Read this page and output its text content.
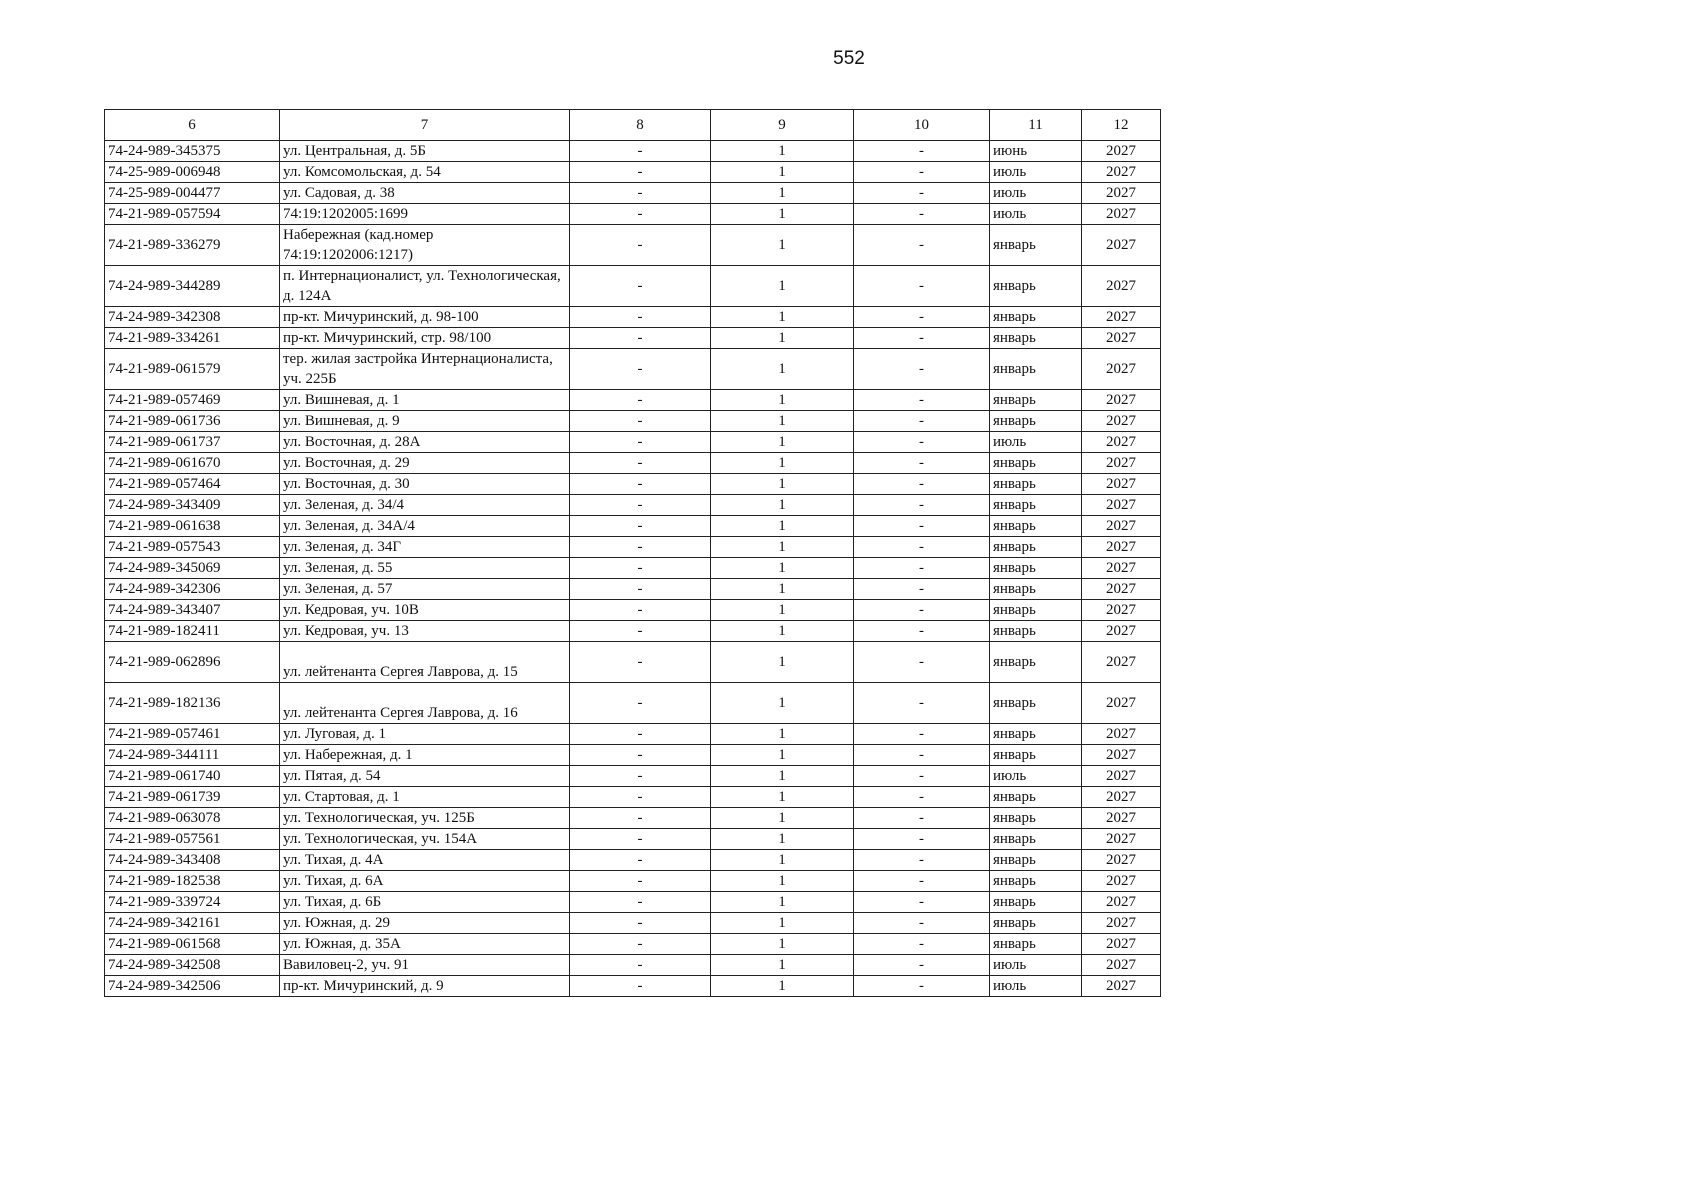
552
6	7	8	9	10	11	12
74-24-989-345375	ул. Центральная, д. 5Б	-	1	-	июнь	2027
74-25-989-006948	ул. Комсомольская, д. 54	-	1	-	июль	2027
74-25-989-004477	ул. Садовая, д. 38	-	1	-	июль	2027
74-21-989-057594	74:19:1202005:1699	-	1	-	июль	2027
74-21-989-336279	Набережная (кад.номер 74:19:1202006:1217)	-	1	-	январь	2027
74-24-989-344289	п. Интернационалист, ул. Технологическая, д. 124А	-	1	-	январь	2027
74-24-989-342308	пр-кт. Мичуринский, д. 98-100	-	1	-	январь	2027
74-21-989-334261	пр-кт. Мичуринский, стр. 98/100	-	1	-	январь	2027
74-21-989-061579	тер. жилая застройка Интернационалиста, уч. 225Б	-	1	-	январь	2027
74-21-989-057469	ул. Вишневая, д. 1	-	1	-	январь	2027
74-21-989-061736	ул. Вишневая, д. 9	-	1	-	январь	2027
74-21-989-061737	ул. Восточная, д. 28А	-	1	-	июль	2027
74-21-989-061670	ул. Восточная, д. 29	-	1	-	январь	2027
74-21-989-057464	ул. Восточная, д. 30	-	1	-	январь	2027
74-24-989-343409	ул. Зеленая, д. 34/4	-	1	-	январь	2027
74-21-989-061638	ул. Зеленая, д. 34А/4	-	1	-	январь	2027
74-21-989-057543	ул. Зеленая, д. 34Г	-	1	-	январь	2027
74-24-989-345069	ул. Зеленая, д. 55	-	1	-	январь	2027
74-24-989-342306	ул. Зеленая, д. 57	-	1	-	январь	2027
74-24-989-343407	ул. Кедровая, уч. 10В	-	1	-	январь	2027
74-21-989-182411	ул. Кедровая, уч. 13	-	1	-	январь	2027
74-21-989-062896	ул. лейтенанта Сергея Лаврова, д. 15	-	1	-	январь	2027
74-21-989-182136	ул. лейтенанта Сергея Лаврова, д. 16	-	1	-	январь	2027
74-21-989-057461	ул. Луговая, д. 1	-	1	-	январь	2027
74-24-989-344111	ул. Набережная, д. 1	-	1	-	январь	2027
74-21-989-061740	ул. Пятая, д. 54	-	1	-	июль	2027
74-21-989-061739	ул. Стартовая, д. 1	-	1	-	январь	2027
74-21-989-063078	ул. Технологическая, уч. 125Б	-	1	-	январь	2027
74-21-989-057561	ул. Технологическая, уч. 154А	-	1	-	январь	2027
74-24-989-343408	ул. Тихая, д. 4А	-	1	-	январь	2027
74-21-989-182538	ул. Тихая, д. 6А	-	1	-	январь	2027
74-21-989-339724	ул. Тихая, д. 6Б	-	1	-	январь	2027
74-24-989-342161	ул. Южная, д. 29	-	1	-	январь	2027
74-21-989-061568	ул. Южная, д. 35А	-	1	-	январь	2027
74-24-989-342508	Вавиловец-2, уч. 91	-	1	-	июль	2027
74-24-989-342506	пр-кт. Мичуринский, д. 9	-	1	-	июль	2027
